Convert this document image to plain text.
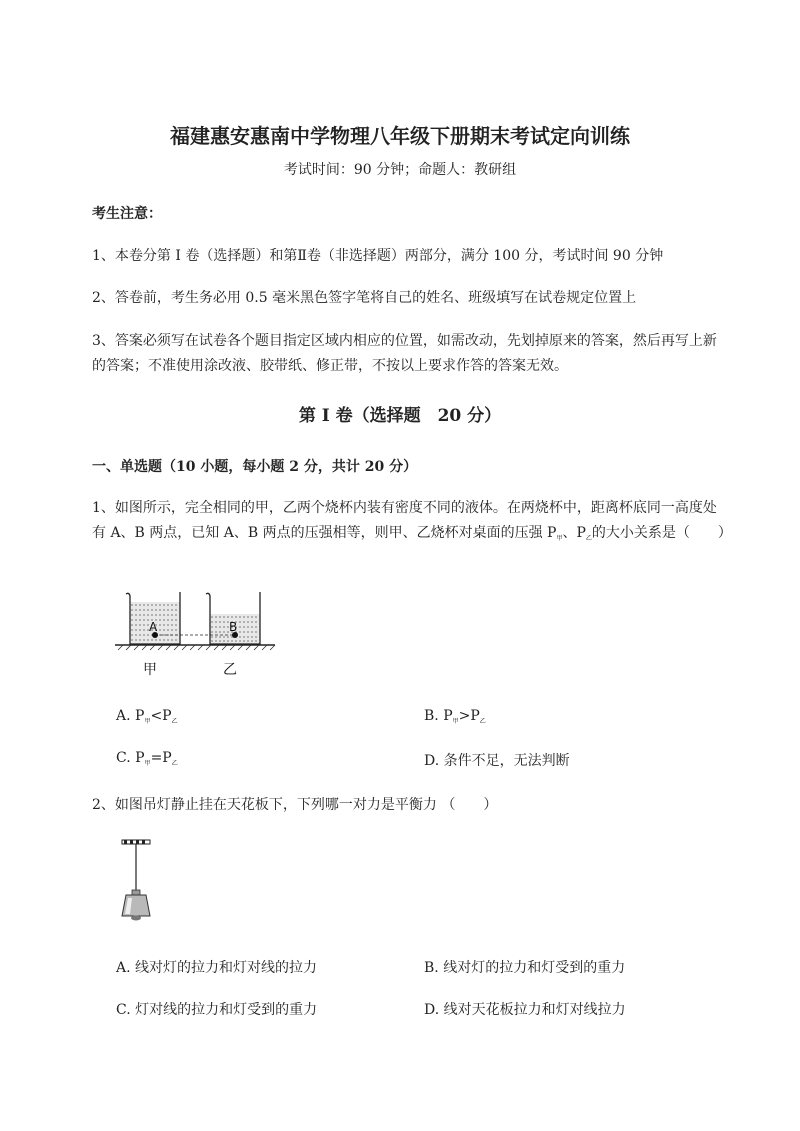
福建惠安惠南中学物理八年级下册期末考试定向训练
考试时间：90 分钟；命题人：教研组
考生注意：
1、本卷分第 I 卷（选择题）和第Ⅱ卷（非选择题）两部分，满分 100 分，考试时间 90 分钟
2、答卷前，考生务必用 0.5 毫米黑色签字笔将自己的姓名、班级填写在试卷规定位置上
3、答案必须写在试卷各个题目指定区域内相应的位置，如需改动，先划掉原来的答案，然后再写上新
的答案；不准使用涂改液、胶带纸、修正带，不按以上要求作答的答案无效。
第 I 卷（选择题　20 分）
一、单选题（10 小题，每小题 2 分，共计 20 分）
1、如图所示，完全相同的甲，乙两个烧杯内装有密度不同的液体。在两烧杯中，距离杯底同一高度处
有 A、B 两点，已知 A、B 两点的压强相等，则甲、乙烧杯对桌面的压强 $P_甲$、$P_乙$的大小关系是（　　）
A	B
甲	乙
A. $P_甲<P_乙$	B. $P_甲>P_乙$
C. $P_甲=P_乙$	D. 条件不足，无法判断
2、如图吊灯静止挂在天花板下，下列哪一对力是平衡力 （　　）
A. 线对灯的拉力和灯对线的拉力	B. 线对灯的拉力和灯受到的重力
C. 灯对线的拉力和灯受到的重力	D. 线对天花板拉力和灯对线拉力
